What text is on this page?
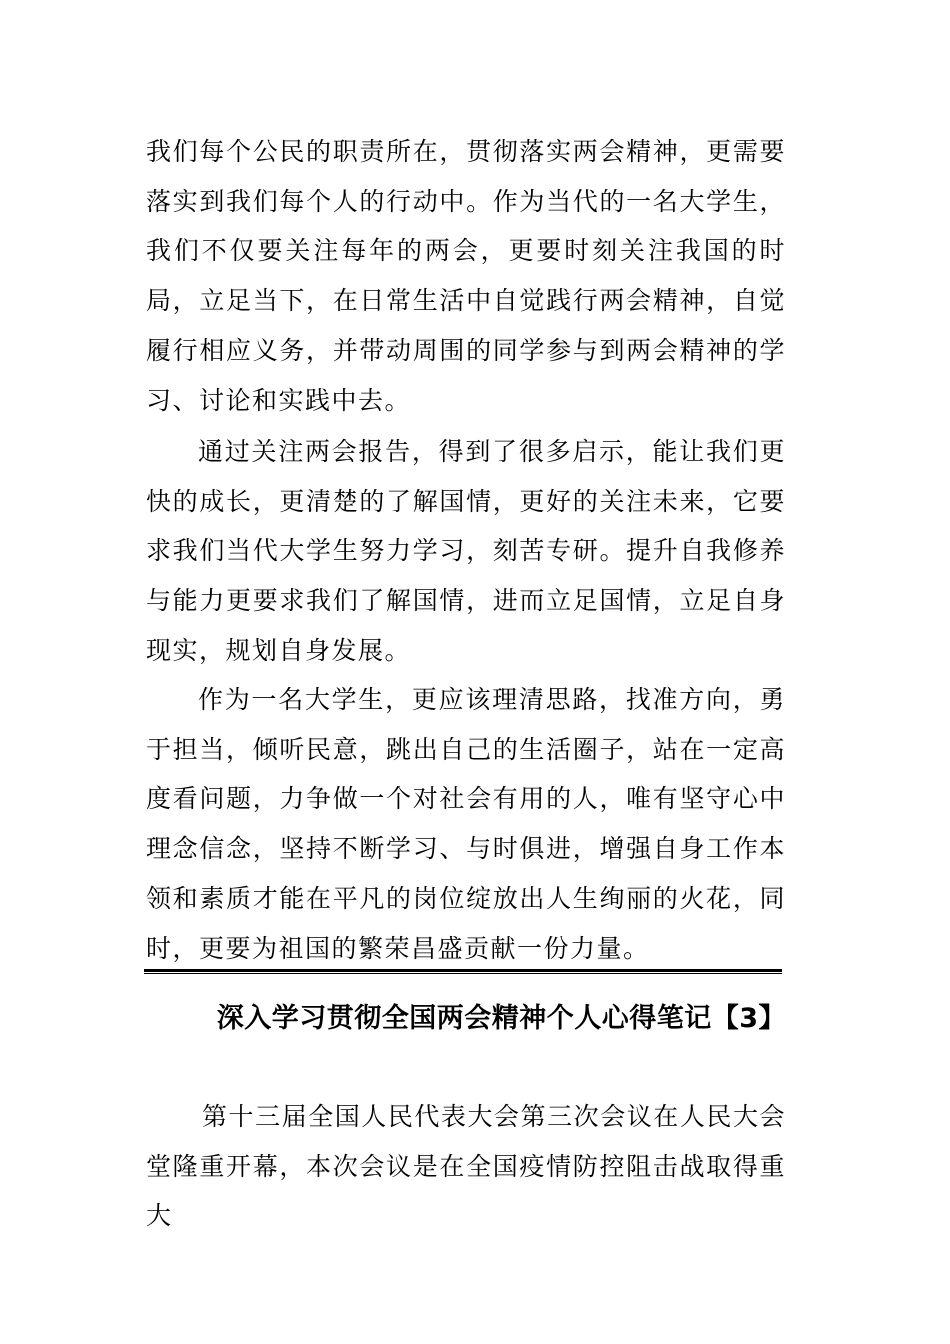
我们每个公民的职责所在，贯彻落实两会精神，更需要落实到我们每个人的行动中。作为当代的一名大学生，我们不仅要关注每年的两会，更要时刻关注我国的时局，立足当下，在日常生活中自觉践行两会精神，自觉履行相应义务，并带动周围的同学参与到两会精神的学习、讨论和实践中去。

通过关注两会报告，得到了很多启示，能让我们更快的成长，更清楚的了解国情，更好的关注未来，它要求我们当代大学生努力学习，刻苦专研。提升自我修养与能力更要求我们了解国情，进而立足国情，立足自身现实，规划自身发展。

作为一名大学生，更应该理清思路，找准方向，勇于担当，倾听民意，跳出自己的生活圈子，站在一定高度看问题，力争做一个对社会有用的人，唯有坚守心中理念信念，坚持不断学习、与时俱进，增强自身工作本领和素质才能在平凡的岗位绽放出人生绚丽的火花，同时，更要为祖国的繁荣昌盛贡献一份力量。

深入学习贯彻全国两会精神个人心得笔记【3】

第十三届全国人民代表大会第三次会议在人民大会堂隆重开幕，本次会议是在全国疫情防控阻击战取得重大
